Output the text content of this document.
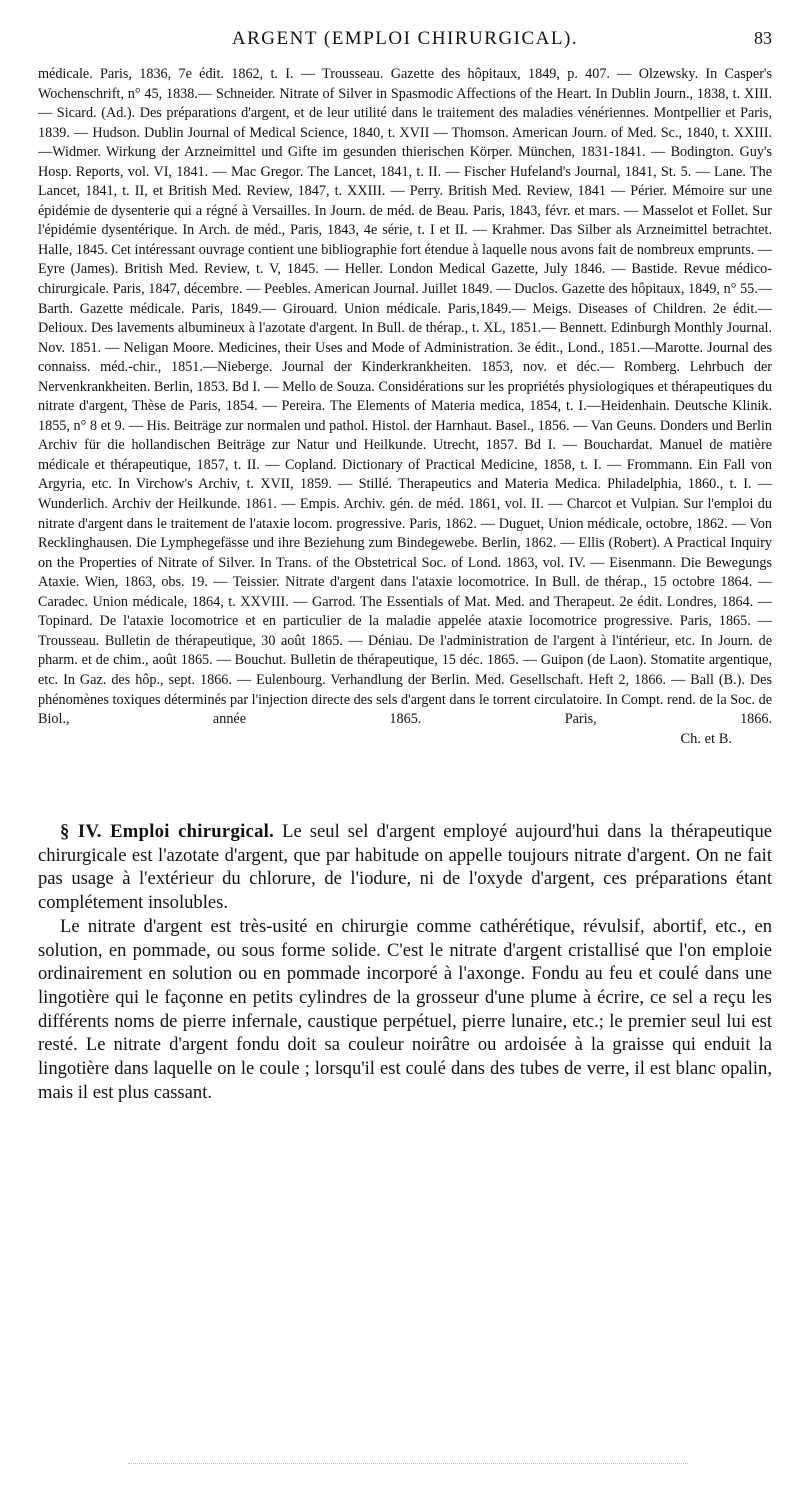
ARGENT (EMPLOI CHIRURGICAL).	83

médicale. Paris, 1836, 7e édit. 1862, t. I. — Trousseau. Gazette des hôpitaux, 1849, p. 407. — Olzewsky. In Casper's Wochenschrift, n° 45, 1838.— Schneider. Nitrate of Silver in Spasmodic Affections of the Heart. In Dublin Journ., 1838, t. XIII. — Sicard. (Ad.). Des préparations d'argent, et de leur utilité dans le traitement des maladies vénériennes. Montpellier et Paris, 1839. — Hudson. Dublin Journal of Medical Science, 1840, t. XVII — Thomson. American Journ. of Med. Sc., 1840, t. XXIII.—Widmer. Wirkung der Arzneimittel und Gifte im gesunden thierischen Körper. München, 1831-1841. — Bodington. Guy's Hosp. Reports, vol. VI, 1841. — Mac Gregor. The Lancet, 1841, t. II. — Fischer Hufeland's Journal, 1841, St. 5. — Lane. The Lancet, 1841, t. II, et British Med. Review, 1847, t. XXIII. — Perry. British Med. Review, 1841 — Périer. Mémoire sur une épidémie de dysenterie qui a régné à Versailles. In Journ. de méd. de Beau. Paris, 1843, févr. et mars. — Masselot et Follet. Sur l'épidémie dysentérique. In Arch. de méd., Paris, 1843, 4e série, t. I et II. — Krahmer. Das Silber als Arzneimittel betrachtet. Halle, 1845. Cet intéressant ouvrage contient une bibliographie fort étendue à laquelle nous avons fait de nombreux emprunts. — Eyre (James). British Med. Review, t. V, 1845. — Heller. London Medical Gazette, July 1846. — Bastide. Revue médico-chirurgicale. Paris, 1847, décembre. — Peebles. American Journal. Juillet 1849. — Duclos. Gazette des hôpitaux, 1849, n° 55.— Barth. Gazette médicale. Paris, 1849.— Girouard. Union médicale. Paris,1849.— Meigs. Diseases of Children. 2e édit.— Delioux. Des lavements albumineux à l'azotate d'argent. In Bull. de thérap., t. XL, 1851.— Bennett. Edinburgh Monthly Journal. Nov. 1851. — Neligan Moore. Medicines, their Uses and Mode of Administration. 3e édit., Lond., 1851.—Marotte. Journal des connaiss. méd.-chir., 1851.—Nieberge. Journal der Kinderkrankheiten. 1853, nov. et déc.— Romberg. Lehrbuch der Nervenkrankheiten. Berlin, 1853. Bd I. — Mello de Souza. Considérations sur les propriétés physiologiques et thérapeutiques du nitrate d'argent, Thèse de Paris, 1854. — Pereira. The Elements of Materia medica, 1854, t. I.—Heidenhain. Deutsche Klinik. 1855, n° 8 et 9. — His. Beiträge zur normalen und pathol. Histol. der Harnhaut. Basel., 1856. — Van Geuns. Donders und Berlin Archiv für die hollandischen Beiträge zur Natur und Heilkunde. Utrecht, 1857. Bd I. — Bouchardat. Manuel de matière médicale et thérapeutique, 1857, t. II. — Copland. Dictionary of Practical Medicine, 1858, t. I. — Frommann. Ein Fall von Argyria, etc. In Virchow's Archiv, t. XVII, 1859. — Stillé. Therapeutics and Materia Medica. Philadelphia, 1860., t. I. — Wunderlich. Archiv der Heilkunde. 1861. — Empis. Archiv. gén. de méd. 1861, vol. II. — Charcot et Vulpian. Sur l'emploi du nitrate d'argent dans le traitement de l'ataxie locom. progressive. Paris, 1862. — Duguet, Union médicale, octobre, 1862. — Von Recklinghausen. Die Lymphegefässe und ihre Beziehung zum Bindegewebe. Berlin, 1862. — Ellis (Robert). A Practical Inquiry on the Properties of Nitrate of Silver. In Trans. of the Obstetrical Soc. of Lond. 1863, vol. IV. — Eisenmann. Die Bewegungs Ataxie. Wien, 1863, obs. 19. — Teissier. Nitrate d'argent dans l'ataxie locomotrice. In Bull. de thérap., 15 octobre 1864. — Caradec. Union médicale, 1864, t. XXVIII. — Garrod. The Essentials of Mat. Med. and Therapeut. 2e édit. Londres, 1864. — Topinard. De l'ataxie locomotrice et en particulier de la maladie appelée ataxie locomotrice progressive. Paris, 1865. — Trousseau. Bulletin de thérapeutique, 30 août 1865. — Déniau. De l'administration de l'argent à l'intérieur, etc. In Journ. de pharm. et de chim., août 1865. — Bouchut. Bulletin de thérapeutique, 15 déc. 1865. — Guipon (de Laon). Stomatite argentique, etc. In Gaz. des hôp., sept. 1866. — Eulenbourg. Verhandlung der Berlin. Med. Gesellschaft. Heft 2, 1866. — Ball (B.). Des phénomènes toxiques déterminés par l'injection directe des sels d'argent dans le torrent circulatoire. In Compt. rend. de la Soc. de Biol., année 1865. Paris, 1866.

Ch. et B.

§ IV. Emploi chirurgical. Le seul sel d'argent employé aujourd'hui dans la thérapeutique chirurgicale est l'azotate d'argent, que par habitude on appelle toujours nitrate d'argent. On ne fait pas usage à l'extérieur du chlorure, de l'iodure, ni de l'oxyde d'argent, ces préparations étant complétement insolubles.

Le nitrate d'argent est très-usité en chirurgie comme cathérétique, révulsif, abortif, etc., en solution, en pommade, ou sous forme solide. C'est le nitrate d'argent cristallisé que l'on emploie ordinairement en solution ou en pommade incorporé à l'axonge. Fondu au feu et coulé dans une lingotière qui le façonne en petits cylindres de la grosseur d'une plume à écrire, ce sel a reçu les différents noms de pierre infernale, caustique perpétuel, pierre lunaire, etc.; le premier seul lui est resté. Le nitrate d'argent fondu doit sa couleur noirâtre ou ardoisée à la graisse qui enduit la lingotière dans laquelle on le coule ; lorsqu'il est coulé dans des tubes de verre, il est blanc opalin, mais il est plus cassant.
